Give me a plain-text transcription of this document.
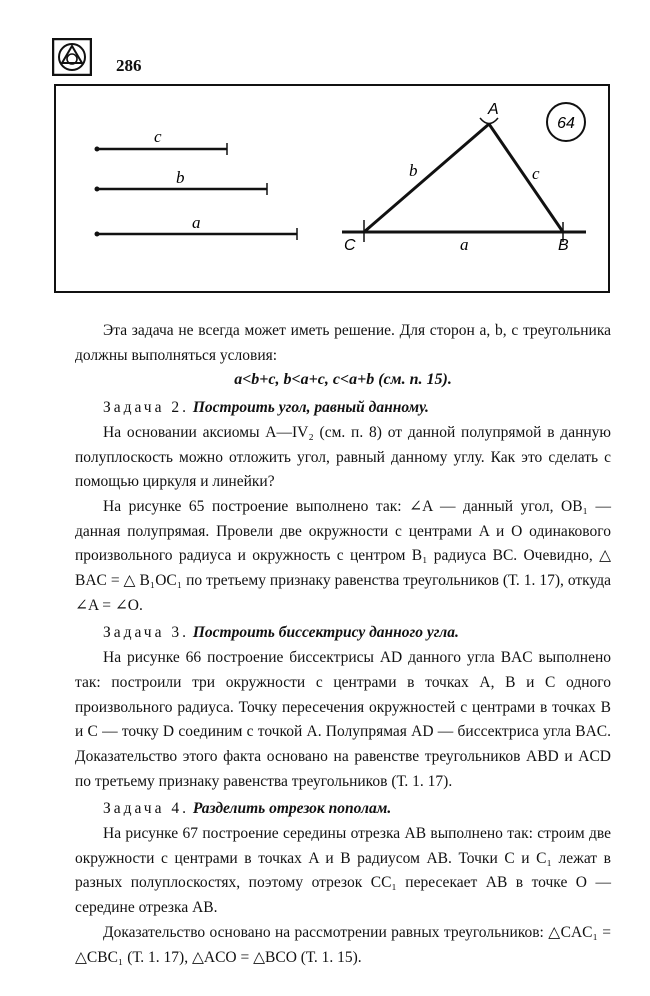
286
c
b
a
A
C	B
b	c
a
64

Эта задача не всегда может иметь решение. Для сторон a, b, c треугольника должны выполняться условия:

a<b+c, b<a+c, c<a+b (см. п. 15).

Задача 2. Построить угол, равный данному.

На основании аксиомы A—IV₂ (см. п. 8) от данной полупрямой в данную полуплоскость можно отложить угол, равный данному углу. Как это сделать с помощью циркуля и линейки?

На рисунке 65 построение выполнено так: ∠A — данный угол, OB₁ — данная полупрямая. Провели две окружности с центрами A и O одинакового произвольного радиуса и окружность с центром B₁ радиуса BC. Очевидно, △ BAC = △ B₁OC₁ по третьему признаку равенства треугольников (Т. 1. 17), откуда ∠A = ∠O.

Задача 3. Построить биссектрису данного угла.

На рисунке 66 построение биссектрисы AD данного угла BAC выполнено так: построили три окружности с центрами в точках A, B и C одного произвольного радиуса. Точку пересечения окружностей с центрами в точках B и C — точку D соединим с точкой A. Полупрямая AD — биссектриса угла BAC. Доказательство этого факта основано на равенстве треугольников ABD и ACD по третьему признаку равенства треугольников (Т. 1. 17).

Задача 4. Разделить отрезок пополам.

На рисунке 67 построение середины отрезка AB выполнено так: строим две окружности с центрами в точках A и B радиусом AB. Точки C и C₁ лежат в разных полуплоскостях, поэтому отрезок CC₁ пересекает AB в точке O — середине отрезка AB.

Доказательство основано на рассмотрении равных треугольников: △CAC₁ = △CBC₁ (Т. 1. 17), △ACO = △BCO (Т. 1. 15).
